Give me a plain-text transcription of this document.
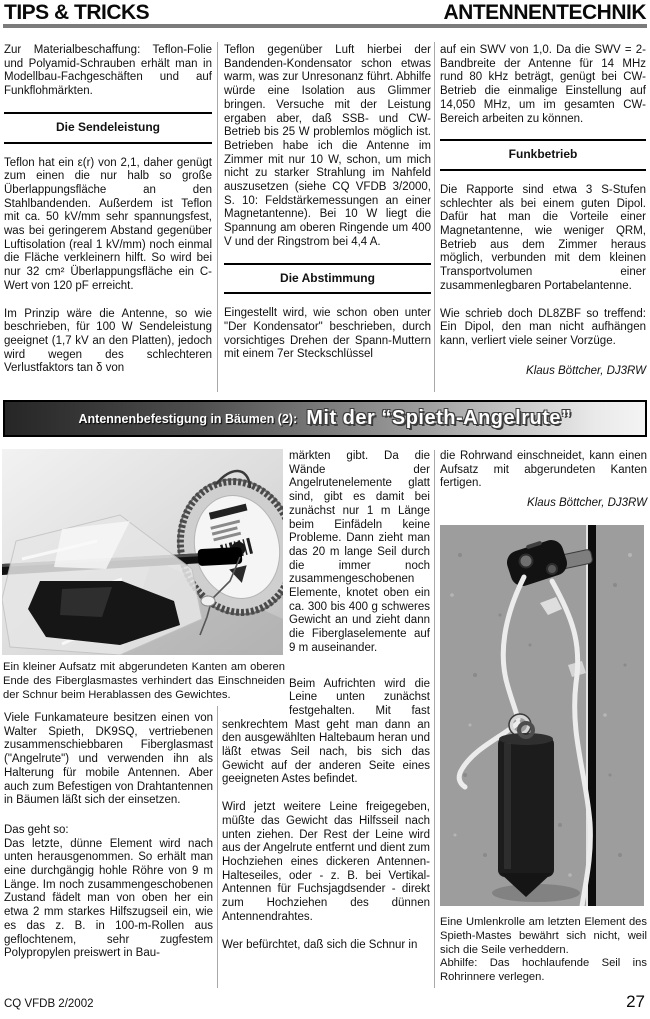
TIPS & TRICKS	ANTENNENTECHNIK

Zur Materialbeschaffung: Teflon-Folie und Polyamid-Schrauben erhält man in Modellbau-Fachgeschäften und auf Funkflohmärkten.

Die Sendeleistung

Teflon hat ein ε(r) von 2,1, daher genügt zum einen die nur halb so große Überlappungsfläche an den Stahlbandenden. Außerdem ist Teflon mit ca. 50 kV/mm sehr spannungsfest, was bei geringerem Abstand gegenüber Luftisolation (real 1 kV/mm) noch einmal die Fläche verkleinern hilft. So wird bei nur 32 cm² Überlappungsfläche ein C-Wert von 120 pF erreicht.

Im Prinzip wäre die Antenne, so wie beschrieben, für 100 W Sendeleistung geeignet (1,7 kV an den Platten), jedoch wird wegen des schlechteren Verlustfaktors tan δ von

Teflon gegenüber Luft hierbei der Bandenden-Kondensator schon etwas warm, was zur Unresonanz führt. Abhilfe würde eine Isolation aus Glimmer bringen. Versuche mit der Leistung ergaben aber, daß SSB- und CW-Betrieb bis 25 W problemlos möglich ist. Betrieben habe ich die Antenne im Zimmer mit nur 10 W, schon, um mich nicht zu starker Strahlung im Nahfeld auszusetzen (siehe CQ VFDB 3/2000, S. 10: Feldstärkemessungen an einer Magnetantenne). Bei 10 W liegt die Spannung am oberen Ringende um 400 V und der Ringstrom bei 4,4 A.

Die Abstimmung

Eingestellt wird, wie schon oben unter "Der Kondensator" beschrieben, durch vorsichtiges Drehen der Spann-Muttern mit einem 7er Steckschlüssel

auf ein SWV von 1,0. Da die SWV = 2-Bandbreite der Antenne für 14 MHz rund 80 kHz beträgt, genügt bei CW-Betrieb die einmalige Einstellung auf 14,050 MHz, um im gesamten CW-Bereich arbeiten zu können.

Funkbetrieb

Die Rapporte sind etwa 3 S-Stufen schlechter als bei einem guten Dipol. Dafür hat man die Vorteile einer Magnetantenne, wie weniger QRM, Betrieb aus dem Zimmer heraus möglich, verbunden mit dem kleinen Transportvolumen einer zusammenlegbaren Portabelantenne.

Wie schrieb doch DL8ZBF so treffend: Ein Dipol, den man nicht aufhängen kann, verliert viele seiner Vorzüge.

Klaus Böttcher, DJ3RW
Antennenbefestigung in Bäumen (2): Mit der “Spieth-Angelrute”

Ein kleiner Aufsatz mit abgerundeten Kanten am oberen Ende des Fiberglasmastes verhindert das Einschneiden der Schnur beim Herablassen des Gewichtes.

Viele Funkamateure besitzen einen von Walter Spieth, DK9SQ, vertriebenen zusammenschiebbaren Fiberglasmast ("Angelrute") und verwenden ihn als Halterung für mobile Antennen. Aber auch zum Befestigen von Drahtantennen in Bäumen läßt sich der einsetzen.

Das geht so:

Das letzte, dünne Element wird nach unten herausgenommen. So erhält man eine durchgängig hohle Röhre von 9 m Länge. Im noch zusammengeschobenen Zustand fädelt man von oben her ein etwa 2 mm starkes Hilfszugseil ein, wie es das z. B. in 100-m-Rollen aus geflochtenem, sehr zugfestem Polypropylen preiswert in Bau-

märkten gibt. Da die Wände der Angelrutenelemente glatt sind, gibt es damit bei zunächst nur 1 m Länge beim Einfädeln keine Probleme. Dann zieht man das 20 m lange Seil durch die immer noch zusammengeschobenen Elemente, knotet oben ein ca. 300 bis 400 g schweres Gewicht an und zieht dann die Fiberglaselemente auf 9 m auseinander.

Beim Aufrichten wird die Leine unten zunächst festgehalten. Mit fast senkrechtem Mast geht man dann an den ausgewählten Haltebaum heran und läßt etwas Seil nach, bis sich das Gewicht auf der anderen Seite eines geeigneten Astes befindet.

Wird jetzt weitere Leine freigegeben, müßte das Gewicht das Hilfsseil nach unten ziehen. Der Rest der Leine wird aus der Angelrute entfernt und dient zum Hochziehen eines dickeren Antennen-Halteseiles, oder - z. B. bei Vertikal-Antennen für Fuchsjagdsender - direkt zum Hochziehen des dünnen Antennendrahtes.

Wer befürchtet, daß sich die Schnur in

die Rohrwand einschneidet, kann einen Aufsatz mit abgerundeten Kanten fertigen.

Klaus Böttcher, DJ3RW

Eine Umlenkrolle am letzten Element des Spieth-Mastes bewährt sich nicht, weil sich die Seile verheddern.

Abhilfe: Das hochlaufende Seil ins Rohrinnere verlegen.

CQ VFDB 2/2002	27
